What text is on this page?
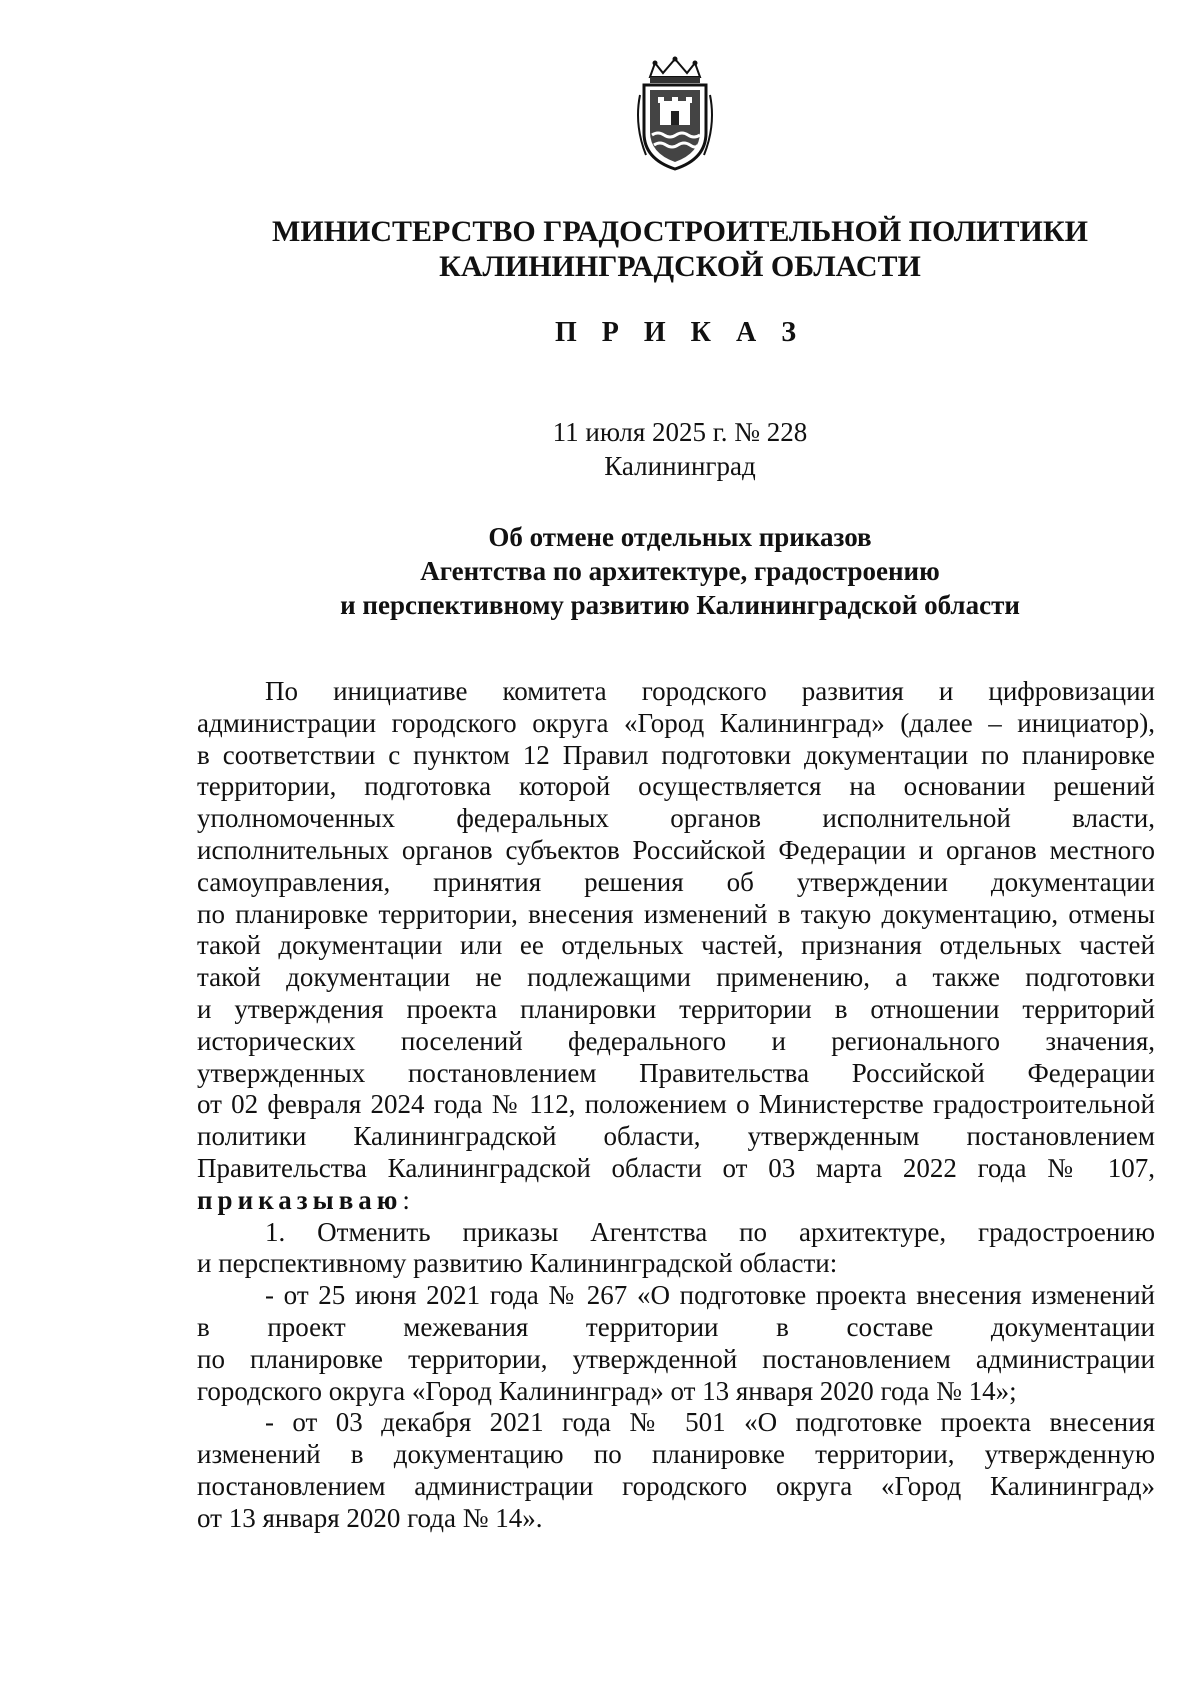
МИНИСТЕРСТВО ГРАДОСТРОИТЕЛЬНОЙ ПОЛИТИКИ
КАЛИНИНГРАДСКОЙ ОБЛАСТИ
П Р И К А З
11 июля 2025 г. № 228
Калининград
Об отмене отдельных приказов
Агентства по архитектуре, градостроению
и перспективному развитию Калининградской области
По инициативе комитета городского развития и цифровизации
администрации городского округа «Город Калининград» (далее – инициатор),
в соответствии с пунктом 12 Правил подготовки документации по планировке
территории, подготовка которой осуществляется на основании решений
уполномоченных федеральных органов исполнительной власти,
исполнительных органов субъектов Российской Федерации и органов местного
самоуправления, принятия решения об утверждении документации
по планировке территории, внесения изменений в такую документацию, отмены
такой документации или ее отдельных частей, признания отдельных частей
такой документации не подлежащими применению, а также подготовки
и утверждения проекта планировки территории в отношении территорий
исторических поселений федерального и регионального значения,
утвержденных постановлением Правительства Российской Федерации
от 02 февраля 2024 года № 112, положением о Министерстве градостроительной
политики Калининградской области, утвержденным постановлением
Правительства Калининградской области от 03 марта 2022 года № 107,
приказываю:
1. Отменить приказы Агентства по архитектуре, градостроению
и перспективному развитию Калининградской области:
- от 25 июня 2021 года № 267 «О подготовке проекта внесения изменений
в проект межевания территории в составе документации
по планировке территории, утвержденной постановлением администрации
городского округа «Город Калининград» от 13 января 2020 года № 14»;
- от 03 декабря 2021 года № 501 «О подготовке проекта внесения
изменений в документацию по планировке территории, утвержденную
постановлением администрации городского округа «Город Калининград»
от 13 января 2020 года № 14».
